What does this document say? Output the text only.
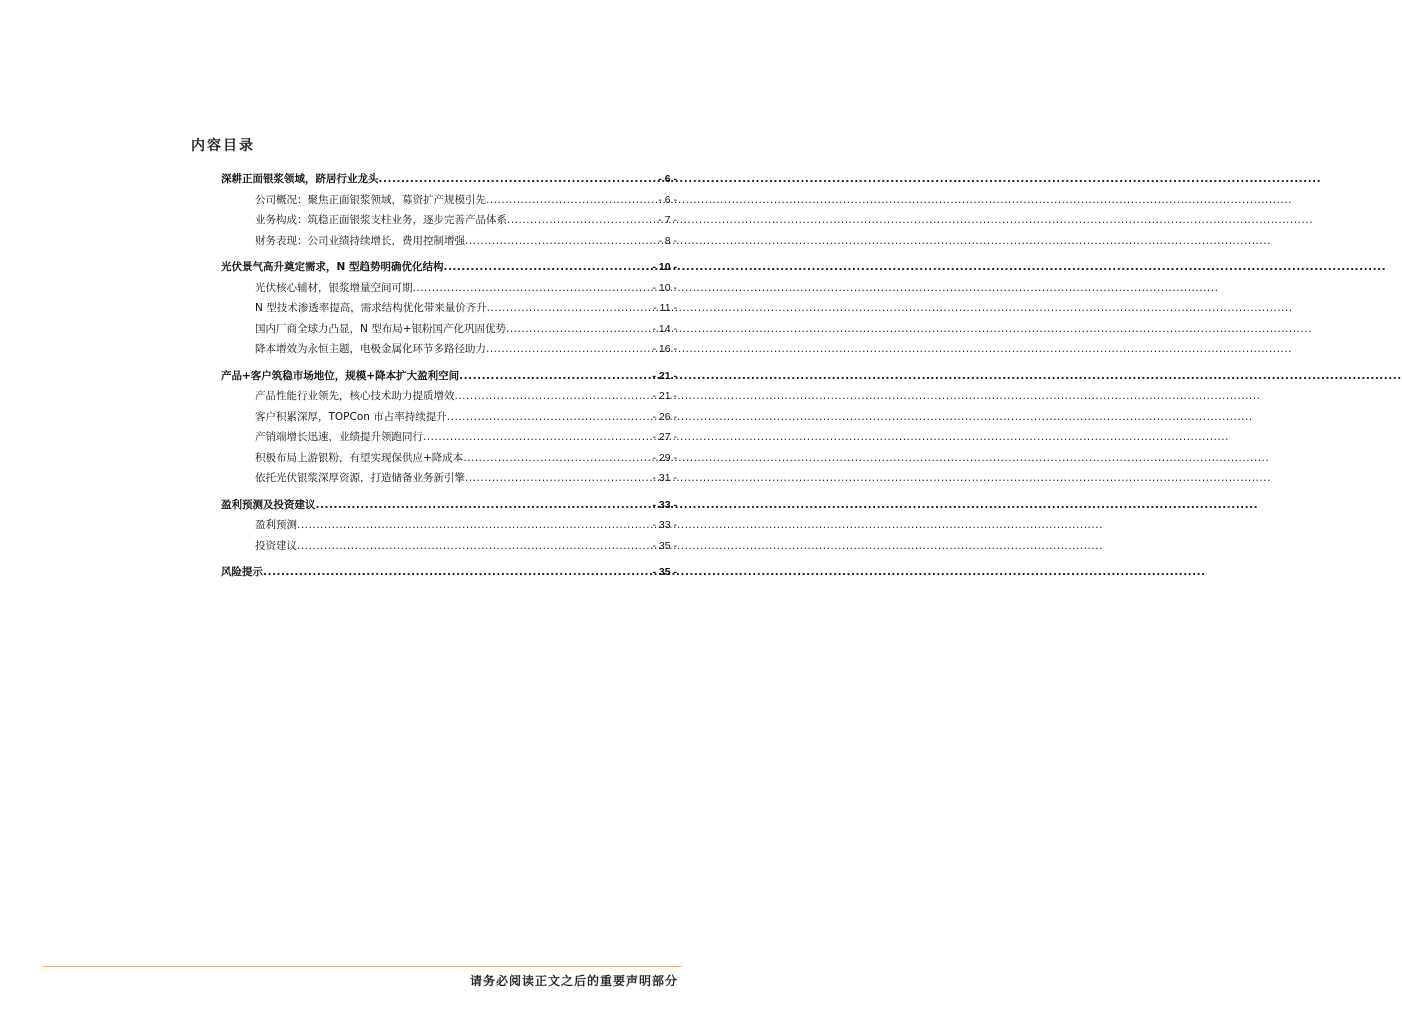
内容目录
深耕正面银浆领域，跻居行业龙头 .....	- 6 -
公司概况：聚焦正面银浆领域，募资扩产规模引先 .....	- 6 -
业务构成：筑稳正面银浆支柱业务，逐步完善产品体系 .....	- 7 -
财务表现：公司业绩持续增长，费用控制增强 .....	- 8 -
光伏景气高升奠定需求，N 型趋势明确优化结构 .....	- 10 -
光伏核心辅材，银浆增量空间可期 .....	- 10 -
N 型技术渗透率提高，需求结构优化带来量价齐升 .....	- 11 -
国内厂商全球力凸显，N 型布局+银粉国产化巩固优势 .....	- 14 -
降本增效为永恒主题，电极金属化环节多路径助力 .....	- 16 -
产品+客户筑稳市场地位，规模+降本扩大盈利空间 .....	- 21 -
产品性能行业领先，核心技术助力提质增效 .....	- 21 -
客户积累深厚，TOPCon 市占率持续提升 .....	- 26 -
产销端增长迅速，业绩提升领跑同行 .....	- 27 -
积极布局上游银粉，有望实现保供应+降成本 .....	- 29 -
依托光伏银浆深厚资源，打造储备业务新引擎 .....	- 31 -
盈利预测及投资建议 .....	- 33 -
盈利预测 .....	- 33 -
投资建议 .....	- 35 -
风险提示 .....	- 35 -
请务必阅读正文之后的重要声明部分
